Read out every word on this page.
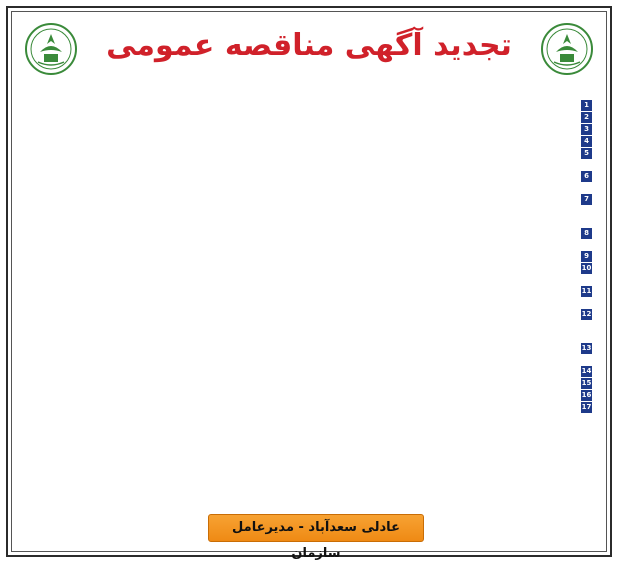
تجدید آگهی مناقصه عمومی

1
2
3
4
5
6
7
8
9
10
11
12
13
14
15
16
17
عادلی سعدآباد - مدیرعامل سازمان
